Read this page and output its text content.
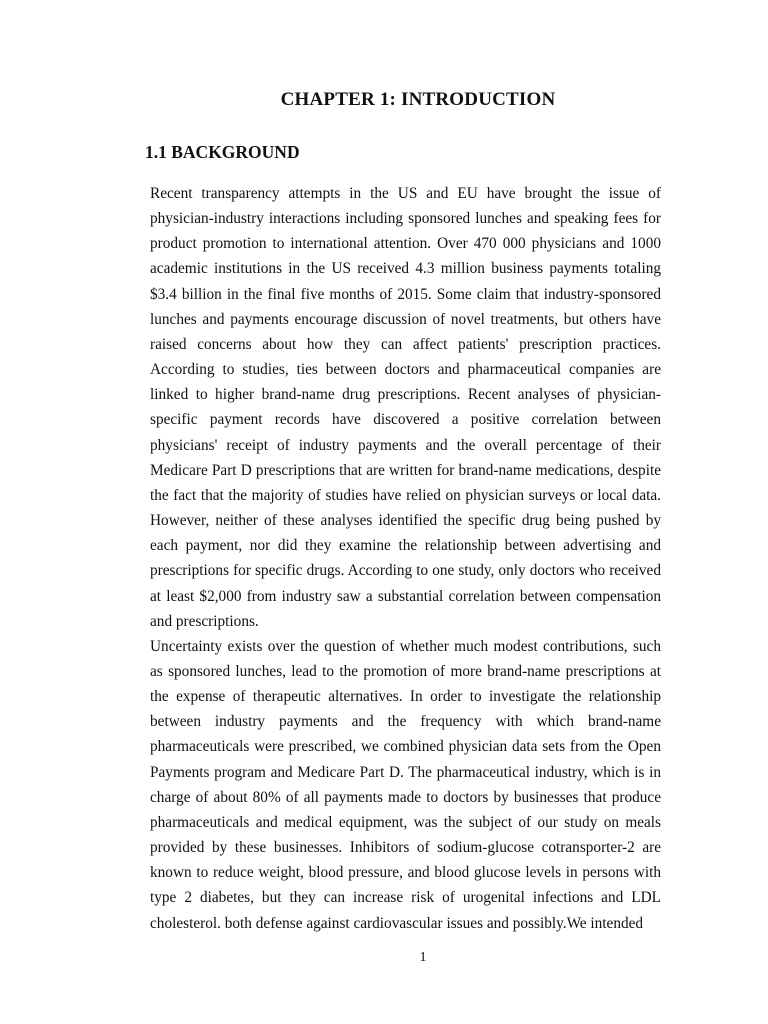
CHAPTER 1: INTRODUCTION
1.1 BACKGROUND

Recent transparency attempts in the US and EU have brought the issue of physician-industry interactions including sponsored lunches and speaking fees for product promotion to international attention. Over 470 000 physicians and 1000 academic institutions in the US received 4.3 million business payments totaling $3.4 billion in the final five months of 2015. Some claim that industry-sponsored lunches and payments encourage discussion of novel treatments, but others have raised concerns about how they can affect patients' prescription practices. According to studies, ties between doctors and pharmaceutical companies are linked to higher brand-name drug prescriptions. Recent analyses of physician-specific payment records have discovered a positive correlation between physicians' receipt of industry payments and the overall percentage of their Medicare Part D prescriptions that are written for brand-name medications, despite the fact that the majority of studies have relied on physician surveys or local data. However, neither of these analyses identified the specific drug being pushed by each payment, nor did they examine the relationship between advertising and prescriptions for specific drugs. According to one study, only doctors who received at least $2,000 from industry saw a substantial correlation between compensation and prescriptions.

Uncertainty exists over the question of whether much modest contributions, such as sponsored lunches, lead to the promotion of more brand-name prescriptions at the expense of therapeutic alternatives. In order to investigate the relationship between industry payments and the frequency with which brand-name pharmaceuticals were prescribed, we combined physician data sets from the Open Payments program and Medicare Part D. The pharmaceutical industry, which is in charge of about 80% of all payments made to doctors by businesses that produce pharmaceuticals and medical equipment, was the subject of our study on meals provided by these businesses. Inhibitors of sodium-glucose cotransporter-2 are known to reduce weight, blood pressure, and blood glucose levels in persons with type 2 diabetes, but they can increase risk of urogenital infections and LDL cholesterol. both defense against cardiovascular issues and possibly.We intended

1
